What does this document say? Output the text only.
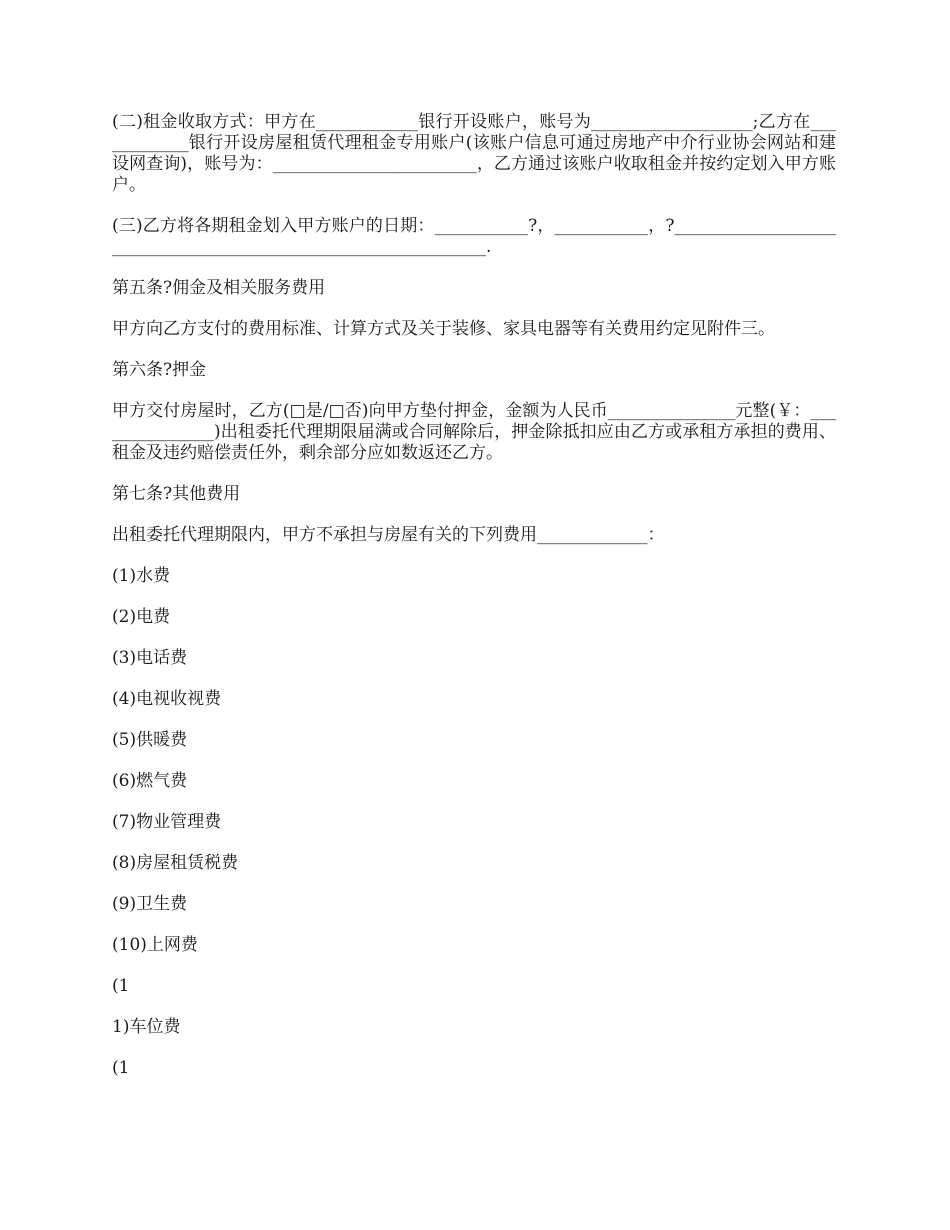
(二)租金收取方式：甲方在____________银行开设账户，账号为___________________;乙方在____________银行开设房屋租赁代理租金专用账户(该账户信息可通过房地产中介行业协会网站和建设网查询)，账号为：________________________，乙方通过该账户收取租金并按约定划入甲方账户。

(三)乙方将各期租金划入甲方账户的日期：___________?，___________，?_______________________________________________________________.

第五条?佣金及相关服务费用

甲方向乙方支付的费用标准、计算方式及关于装修、家具电器等有关费用约定见附件三。

第六条?押金

甲方交付房屋时，乙方(□是/□否)向甲方垫付押金，金额为人民币_______________元整(￥：_______________)出租委托代理期限届满或合同解除后，押金除抵扣应由乙方或承租方承担的费用、租金及违约赔偿责任外，剩余部分应如数返还乙方。

第七条?其他费用

出租委托代理期限内，甲方不承担与房屋有关的下列费用_____________：

(1)水费

(2)电费

(3)电话费

(4)电视收视费

(5)供暖费

(6)燃气费

(7)物业管理费

(8)房屋租赁税费

(9)卫生费

(10)上网费

(1

1)车位费

(1
